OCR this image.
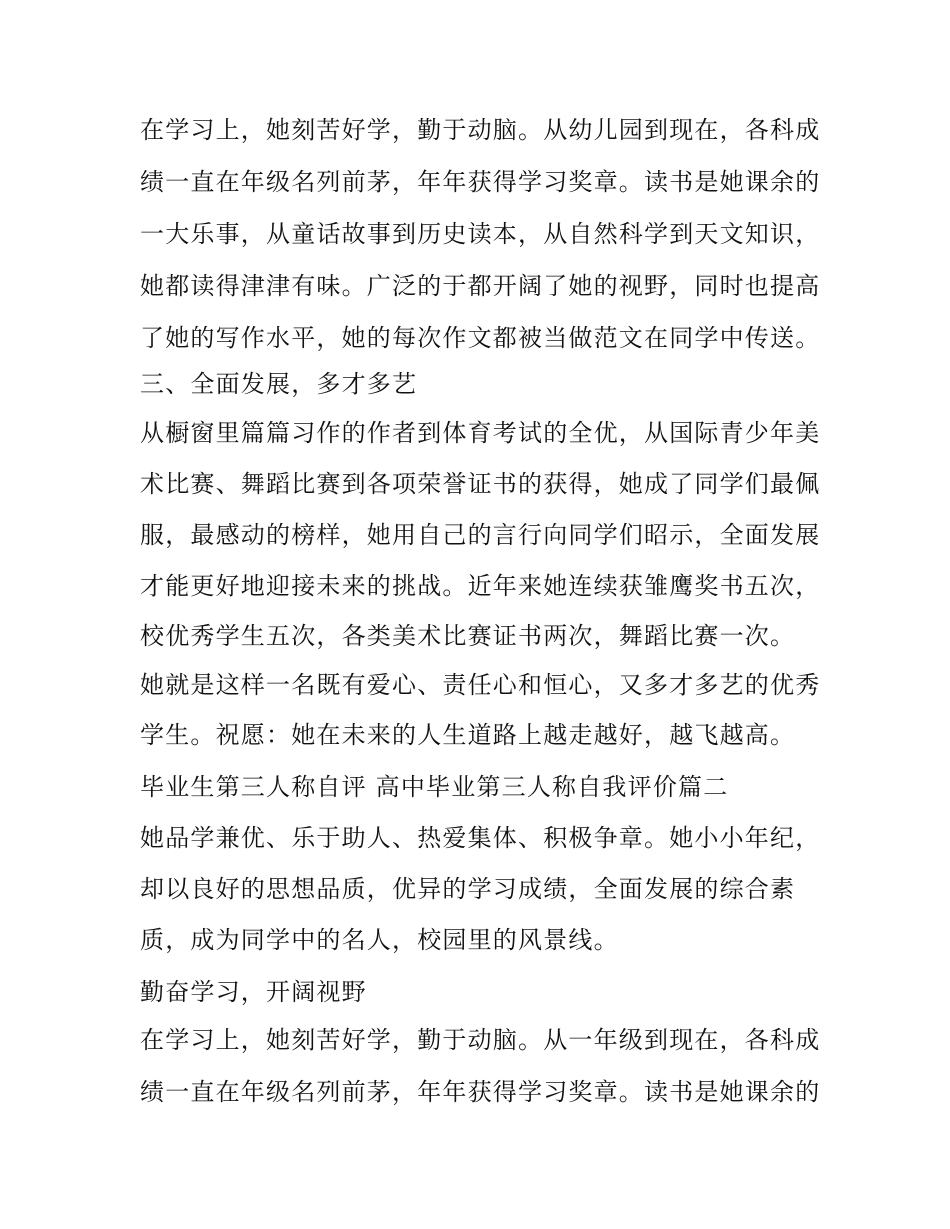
在学习上，她刻苦好学，勤于动脑。从幼儿园到现在，各科成
绩一直在年级名列前茅，年年获得学习奖章。读书是她课余的
一大乐事，从童话故事到历史读本，从自然科学到天文知识，
她都读得津津有味。广泛的于都开阔了她的视野，同时也提高
了她的写作水平，她的每次作文都被当做范文在同学中传送。
三、全面发展，多才多艺
从橱窗里篇篇习作的作者到体育考试的全优，从国际青少年美
术比赛、舞蹈比赛到各项荣誉证书的获得，她成了同学们最佩
服，最感动的榜样，她用自己的言行向同学们昭示，全面发展
才能更好地迎接未来的挑战。近年来她连续获雏鹰奖书五次，
校优秀学生五次，各类美术比赛证书两次，舞蹈比赛一次。
她就是这样一名既有爱心、责任心和恒心，又多才多艺的优秀
学生。祝愿：她在未来的人生道路上越走越好，越飞越高。
毕业生第三人称自评 高中毕业第三人称自我评价篇二
她品学兼优、乐于助人、热爱集体、积极争章。她小小年纪，
却以良好的思想品质，优异的学习成绩，全面发展的综合素
质，成为同学中的名人，校园里的风景线。
勤奋学习，开阔视野
在学习上，她刻苦好学，勤于动脑。从一年级到现在，各科成
绩一直在年级名列前茅，年年获得学习奖章。读书是她课余的
